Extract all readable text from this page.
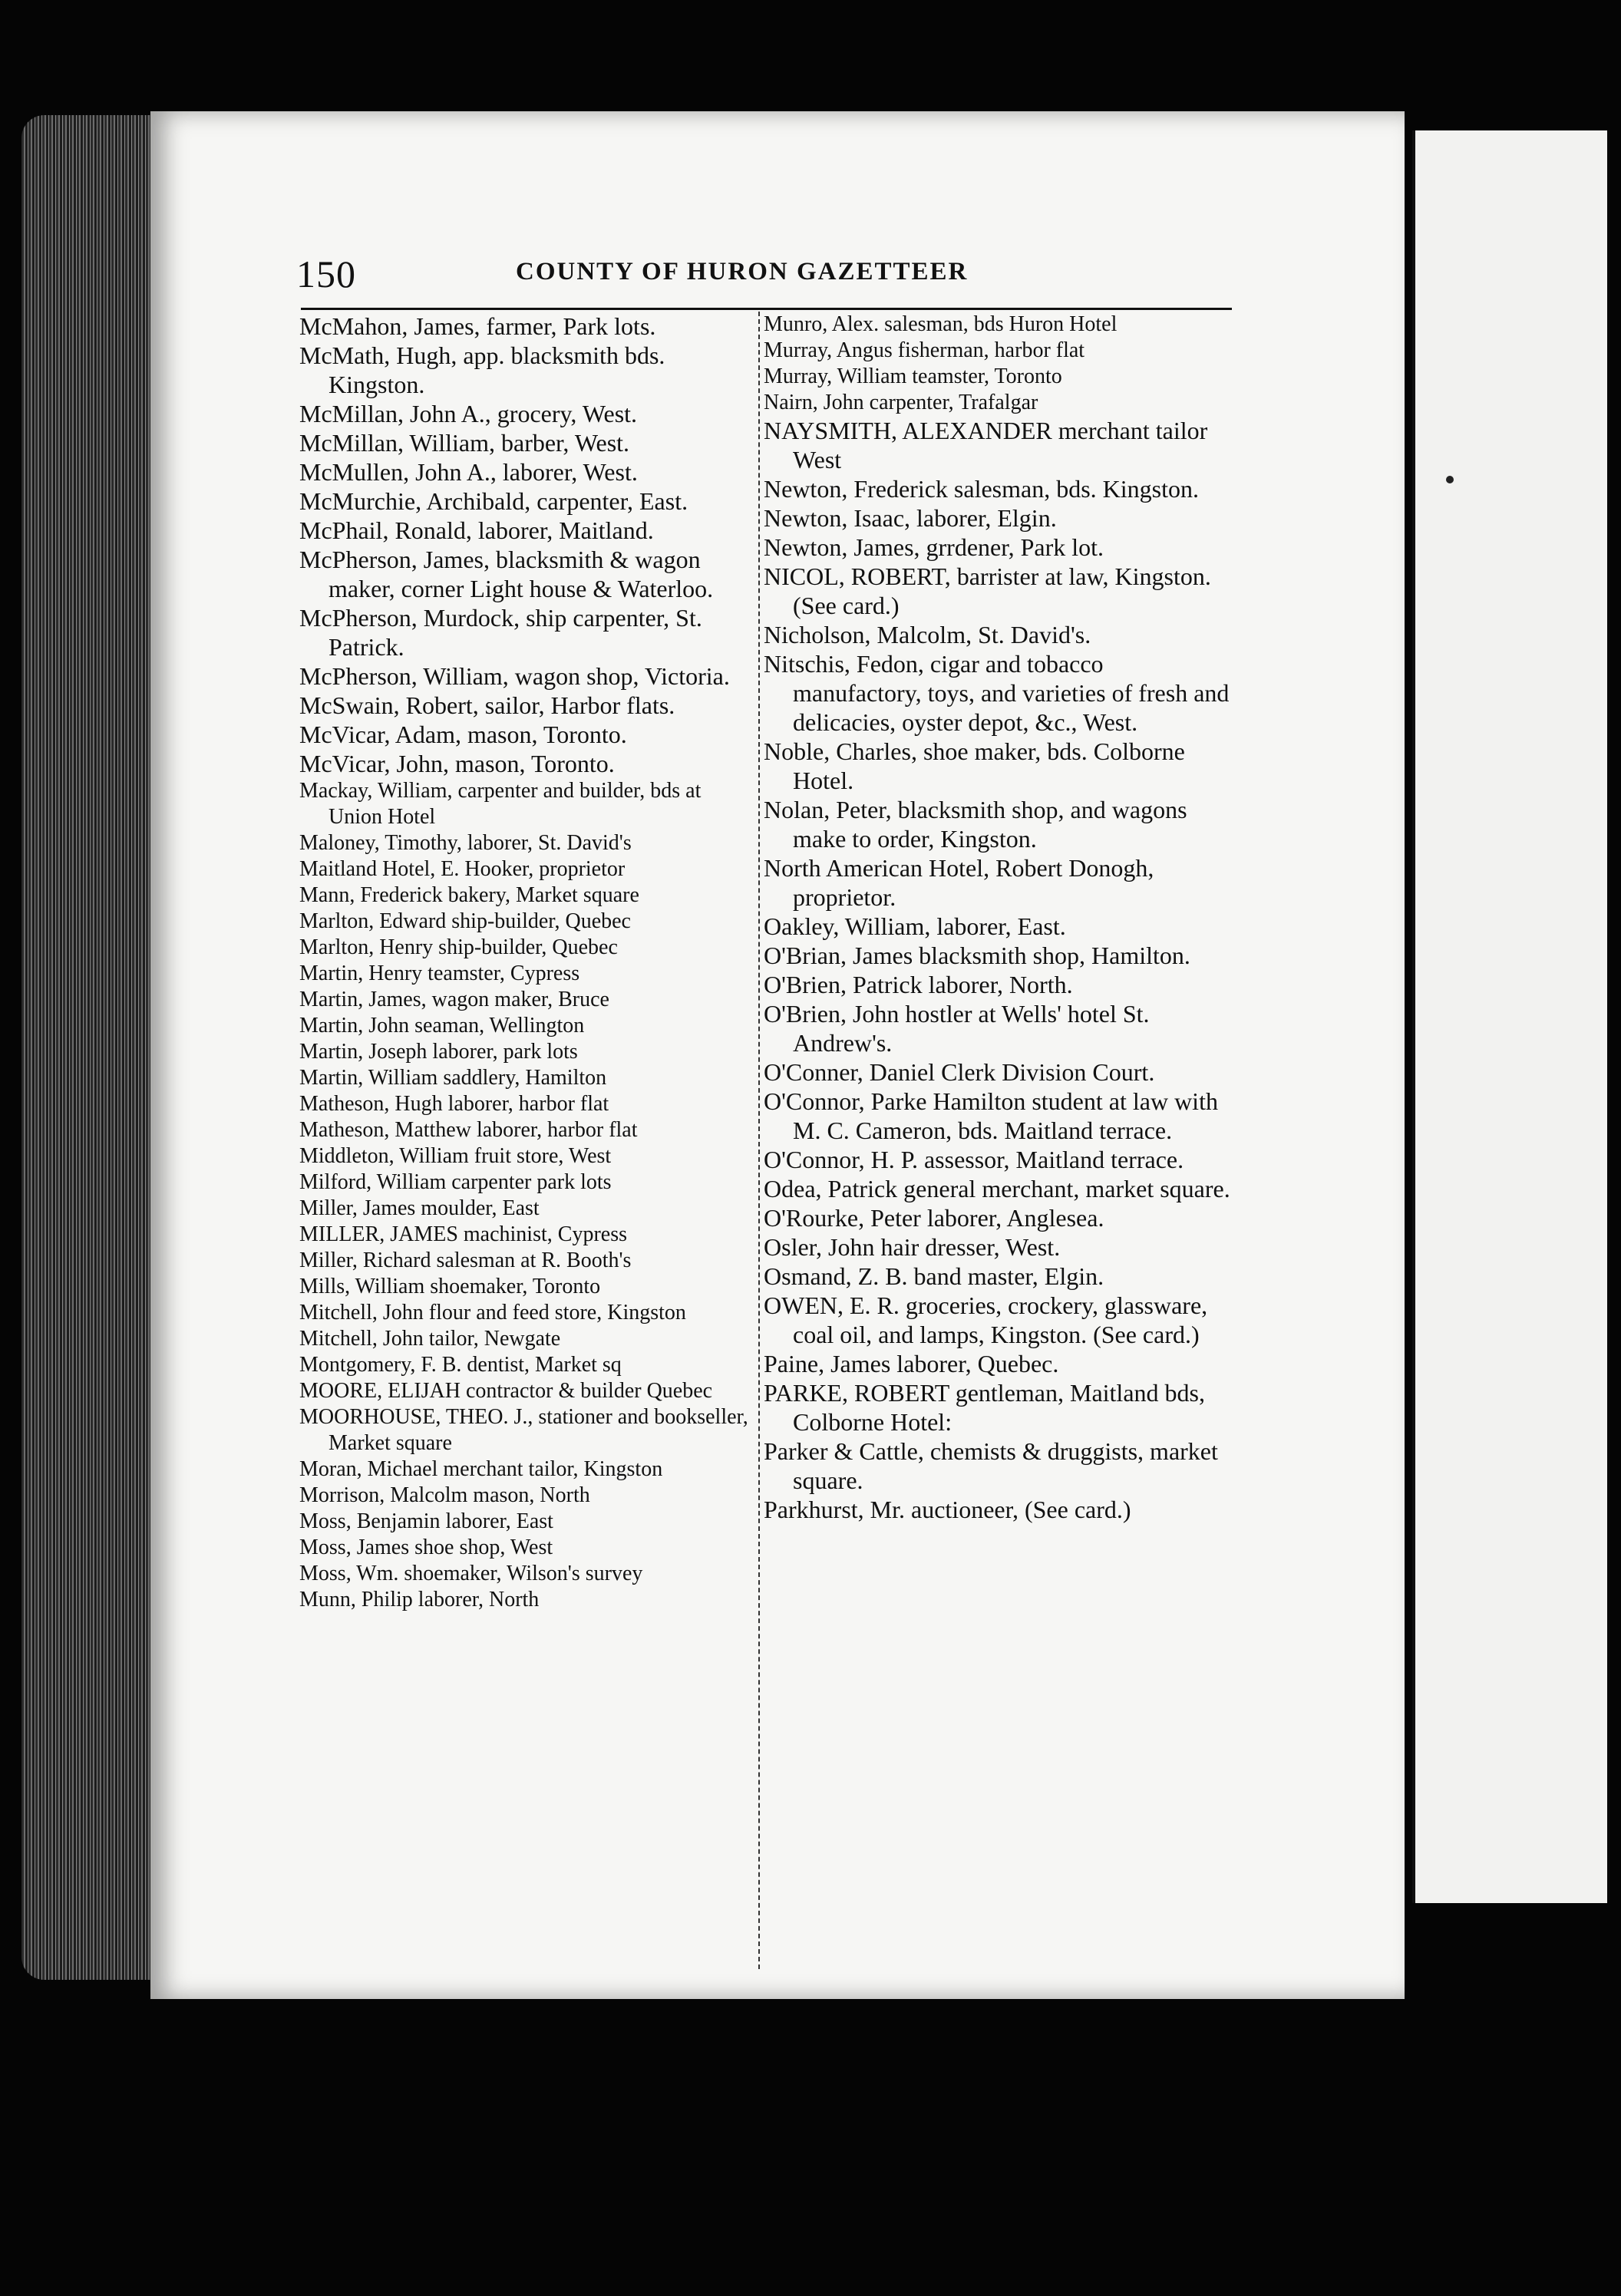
150	COUNTY OF HURON GAZETTEER

McMahon, James, farmer, Park lots.

McMath, Hugh, app. blacksmith bds. Kingston.

McMillan, John A., grocery, West.

McMillan, William, barber, West.

McMullen, John A., laborer, West.

McMurchie, Archibald, carpenter, East.

McPhail, Ronald, laborer, Maitland.

McPherson, James, blacksmith & wagon maker, corner Light house & Waterloo.

McPherson, Murdock, ship carpenter, St. Patrick.

McPherson, William, wagon shop, Victoria.

McSwain, Robert, sailor, Harbor flats.

McVicar, Adam, mason, Toronto.

McVicar, John, mason, Toronto.

Mackay, William, carpenter and builder, bds at Union Hotel

Maloney, Timothy, laborer, St. David's

Maitland Hotel, E. Hooker, proprietor

Mann, Frederick bakery, Market square

Marlton, Edward ship-builder, Quebec

Marlton, Henry ship-builder, Quebec

Martin, Henry teamster, Cypress

Martin, James, wagon maker, Bruce

Martin, John seaman, Wellington

Martin, Joseph laborer, park lots

Martin, William saddlery, Hamilton

Matheson, Hugh laborer, harbor flat

Matheson, Matthew laborer, harbor flat

Middleton, William fruit store, West

Milford, William carpenter park lots

Miller, James moulder, East

MILLER, JAMES machinist, Cypress

Miller, Richard salesman at R. Booth's

Mills, William shoemaker, Toronto

Mitchell, John flour and feed store, Kingston

Mitchell, John tailor, Newgate

Montgomery, F. B. dentist, Market sq

MOORE, ELIJAH contractor & builder Quebec

MOORHOUSE, THEO. J., stationer and bookseller, Market square

Moran, Michael merchant tailor, Kingston

Morrison, Malcolm mason, North

Moss, Benjamin laborer, East

Moss, James shoe shop, West

Moss, Wm. shoemaker, Wilson's survey

Munn, Philip laborer, North

Munro, Alex. salesman, bds Huron Hotel

Murray, Angus fisherman, harbor flat

Murray, William teamster, Toronto

Nairn, John carpenter, Trafalgar

NAYSMITH, ALEXANDER merchant tailor West

Newton, Frederick salesman, bds. Kingston.

Newton, Isaac, laborer, Elgin.

Newton, James, grrdener, Park lot.

NICOL, ROBERT, barrister at law, Kingston. (See card.)

Nicholson, Malcolm, St. David's.

Nitschis, Fedon, cigar and tobacco manufactory, toys, and varieties of fresh and delicacies, oyster depot, &c., West.

Noble, Charles, shoe maker, bds. Colborne Hotel.

Nolan, Peter, blacksmith shop, and wagons make to order, Kingston.

North American Hotel, Robert Donogh, proprietor.

Oakley, William, laborer, East.

O'Brian, James blacksmith shop, Hamilton.

O'Brien, Patrick laborer, North.

O'Brien, John hostler at Wells' hotel St. Andrew's.

O'Conner, Daniel Clerk Division Court.

O'Connor, Parke Hamilton student at law with M. C. Cameron, bds. Maitland terrace.

O'Connor, H. P. assessor, Maitland terrace.

Odea, Patrick general merchant, market square.

O'Rourke, Peter laborer, Anglesea.

Osler, John hair dresser, West.

Osmand, Z. B. band master, Elgin.

OWEN, E. R. groceries, crockery, glassware, coal oil, and lamps, Kingston. (See card.)

Paine, James laborer, Quebec.

PARKE, ROBERT gentleman, Maitland bds, Colborne Hotel:

Parker & Cattle, chemists & druggists, market square.

Parkhurst, Mr. auctioneer, (See card.)
